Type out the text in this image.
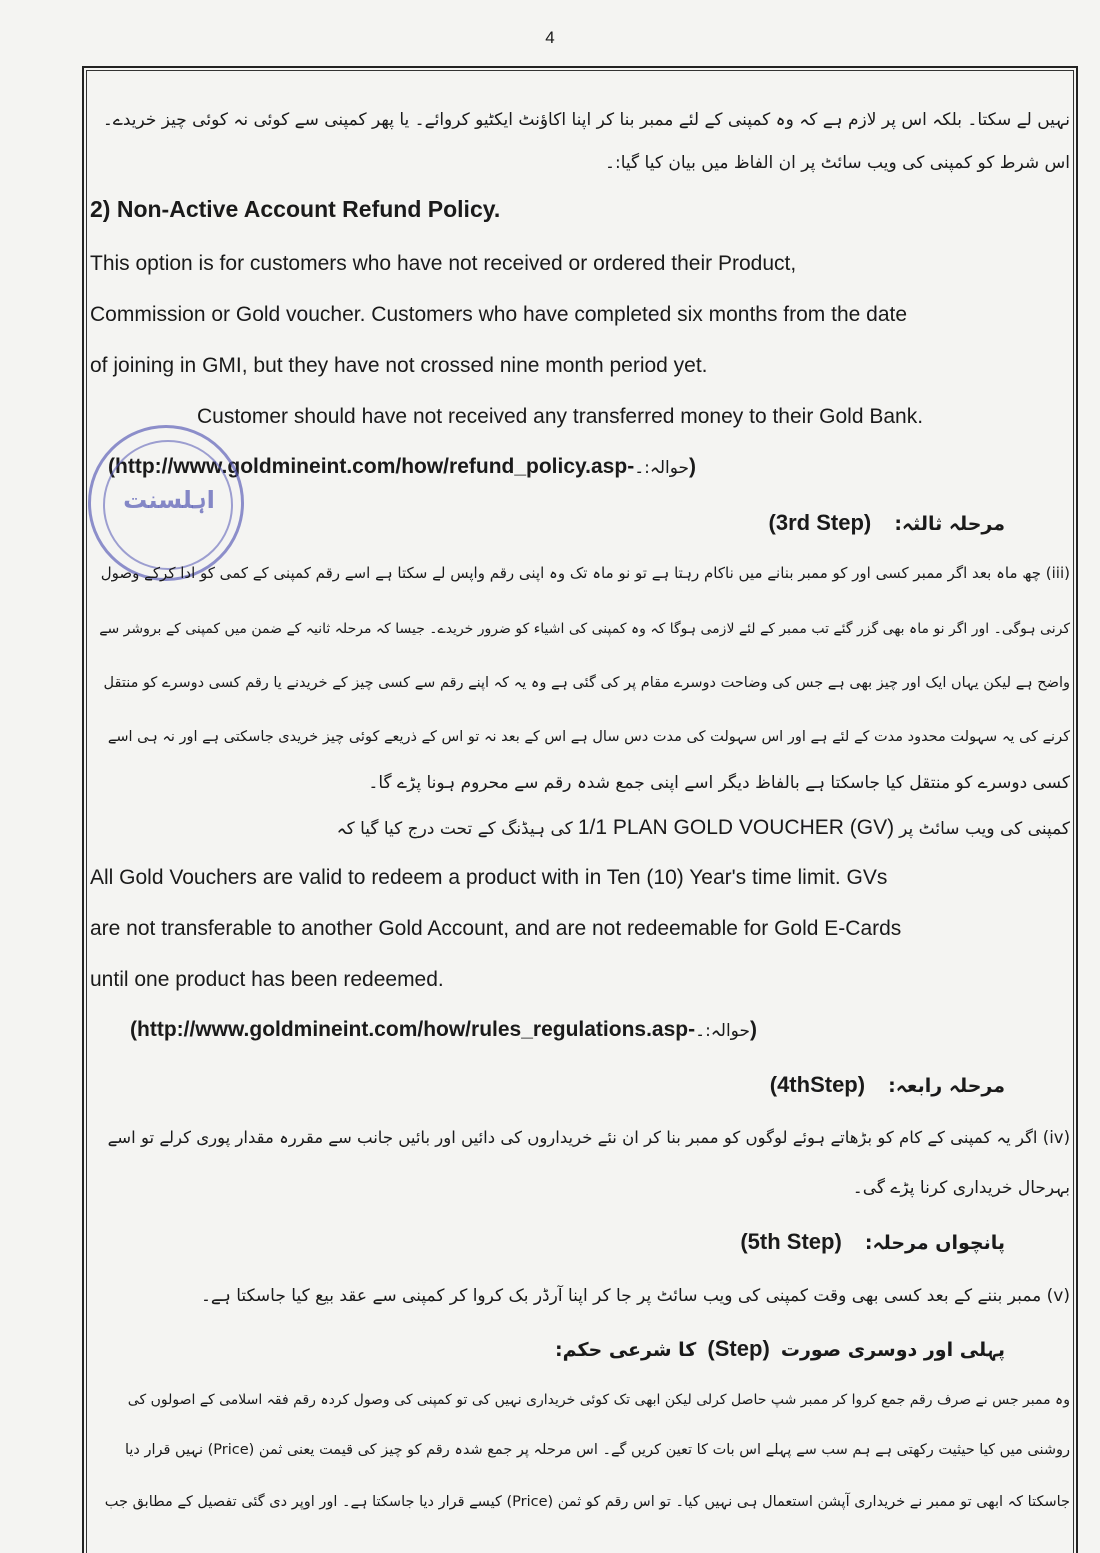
4
نہیں لے سکتا۔ بلکہ اس پر لازم ہے کہ وہ کمپنی کے لئے ممبر بنا کر اپنا اکاؤنٹ ایکٹیو کروائے۔ یا پھر کمپنی سے کوئی نہ کوئی چیز خریدے۔
اس شرط کو کمپنی کی ویب سائٹ پر ان الفاظ میں بیان کیا گیا:۔
2) Non-Active Account Refund Policy.
This option is for customers who have not received or ordered their Product,
Commission or Gold voucher. Customers who have completed six months from the date
of joining in GMI, but they have not crossed nine month period yet.
Customer should have not received any transferred money to their Gold Bank.
(http://www.goldmineint.com/how/refund_policy.asp-حوالہ:۔)
اہلسنت
مرحلہ ثالثہ: (3rd Step)
(iii) چھ ماہ بعد اگر ممبر کسی اور کو ممبر بنانے میں ناکام رہتا ہے تو نو ماہ تک وہ اپنی رقم واپس لے سکتا ہے اسے رقم کمپنی کے کمی کو ادا کرکے وصول
کرنی ہوگی۔ اور اگر نو ماہ بھی گزر گئے تب ممبر کے لئے لازمی ہوگا کہ وہ کمپنی کی اشیاء کو ضرور خریدے۔ جیسا کہ مرحلہ ثانیہ کے ضمن میں کمپنی کے بروشر سے
واضح ہے لیکن یہاں ایک اور چیز بھی ہے جس کی وضاحت دوسرے مقام پر کی گئی ہے وہ یہ کہ اپنے رقم سے کسی چیز کے خریدنے یا رقم کسی دوسرے کو منتقل
کرنے کی یہ سہولت محدود مدت کے لئے ہے اور اس سہولت کی مدت دس سال ہے اس کے بعد نہ تو اس کے ذریعے کوئی چیز خریدی جاسکتی ہے اور نہ ہی اسے
کسی دوسرے کو منتقل کیا جاسکتا ہے بالفاظ دیگر اسے اپنی جمع شدہ رقم سے محروم ہونا پڑے گا۔
کمپنی کی ویب سائٹ پر 1/1 PLAN GOLD VOUCHER (GV) کی ہیڈنگ کے تحت درج کیا گیا کہ
All Gold Vouchers are valid to redeem a product with in Ten (10) Year's time limit. GVs
are not transferable to another Gold Account, and are not redeemable for Gold E-Cards
until one product has been redeemed.
(http://www.goldmineint.com/how/rules_regulations.asp-حوالہ:۔)
مرحلہ رابعہ: (4thStep)
(iv) اگر یہ کمپنی کے کام کو بڑھاتے ہوئے لوگوں کو ممبر بنا کر ان نئے خریداروں کی دائیں اور بائیں جانب سے مقررہ مقدار پوری کرلے تو اسے
بہرحال خریداری کرنا پڑے گی۔
پانچواں مرحلہ: (5th Step)
(v) ممبر بننے کے بعد کسی بھی وقت کمپنی کی ویب سائٹ پر جا کر اپنا آرڈر بک کروا کر کمپنی سے عقد بیع کیا جاسکتا ہے۔
پہلی اور دوسری صورت (Step) کا شرعی حکم:
وہ ممبر جس نے صرف رقم جمع کروا کر ممبر شپ حاصل کرلی لیکن ابھی تک کوئی خریداری نہیں کی تو کمپنی کی وصول کردہ رقم فقہ اسلامی کے اصولوں کی
روشنی میں کیا حیثیت رکھتی ہے ہم سب سے پہلے اس بات کا تعین کریں گے۔ اس مرحلہ پر جمع شدہ رقم کو چیز کی قیمت یعنی ثمن (Price) نہیں قرار دیا
جاسکتا کہ ابھی تو ممبر نے خریداری آپشن استعمال ہی نہیں کیا۔ تو اس رقم کو ثمن (Price) کیسے قرار دیا جاسکتا ہے۔ اور اوپر دی گئی تفصیل کے مطابق جب
